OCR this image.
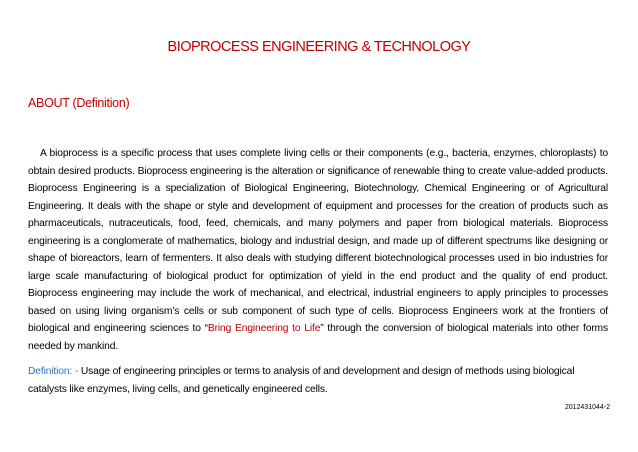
BIOPROCESS ENGINEERING & TECHNOLOGY
ABOUT (Definition)

A bioprocess is a specific process that uses complete living cells or their components (e.g., bacteria, enzymes, chloroplasts) to obtain desired products. Bioprocess engineering is the alteration or significance of renewable thing to create value-added products. Bioprocess Engineering is a specialization of Biological Engineering, Biotechnology, Chemical Engineering or of Agricultural Engineering. It deals with the shape or style and development of equipment and processes for the creation of products such as pharmaceuticals, nutraceuticals, food, feed, chemicals, and many polymers and paper from biological materials. Bioprocess engineering is a conglomerate of mathematics, biology and industrial design, and made up of different spectrums like designing or shape of bioreactors, learn of fermenters. It also deals with studying different biotechnological processes used in bio industries for large scale manufacturing of biological product for optimization of yield in the end product and the quality of end product. Bioprocess engineering may include the work of mechanical, and electrical, industrial engineers to apply principles to processes based on using living organism’s cells or sub component of such type of cells. Bioprocess Engineers work at the frontiers of biological and engineering sciences to “Bring Engineering to Life” through the conversion of biological materials into other forms needed by mankind.

Definition: - Usage of engineering principles or terms to analysis of and development and design of methods using biological catalysts like enzymes, living cells, and genetically engineered cells.

2012431044-2
